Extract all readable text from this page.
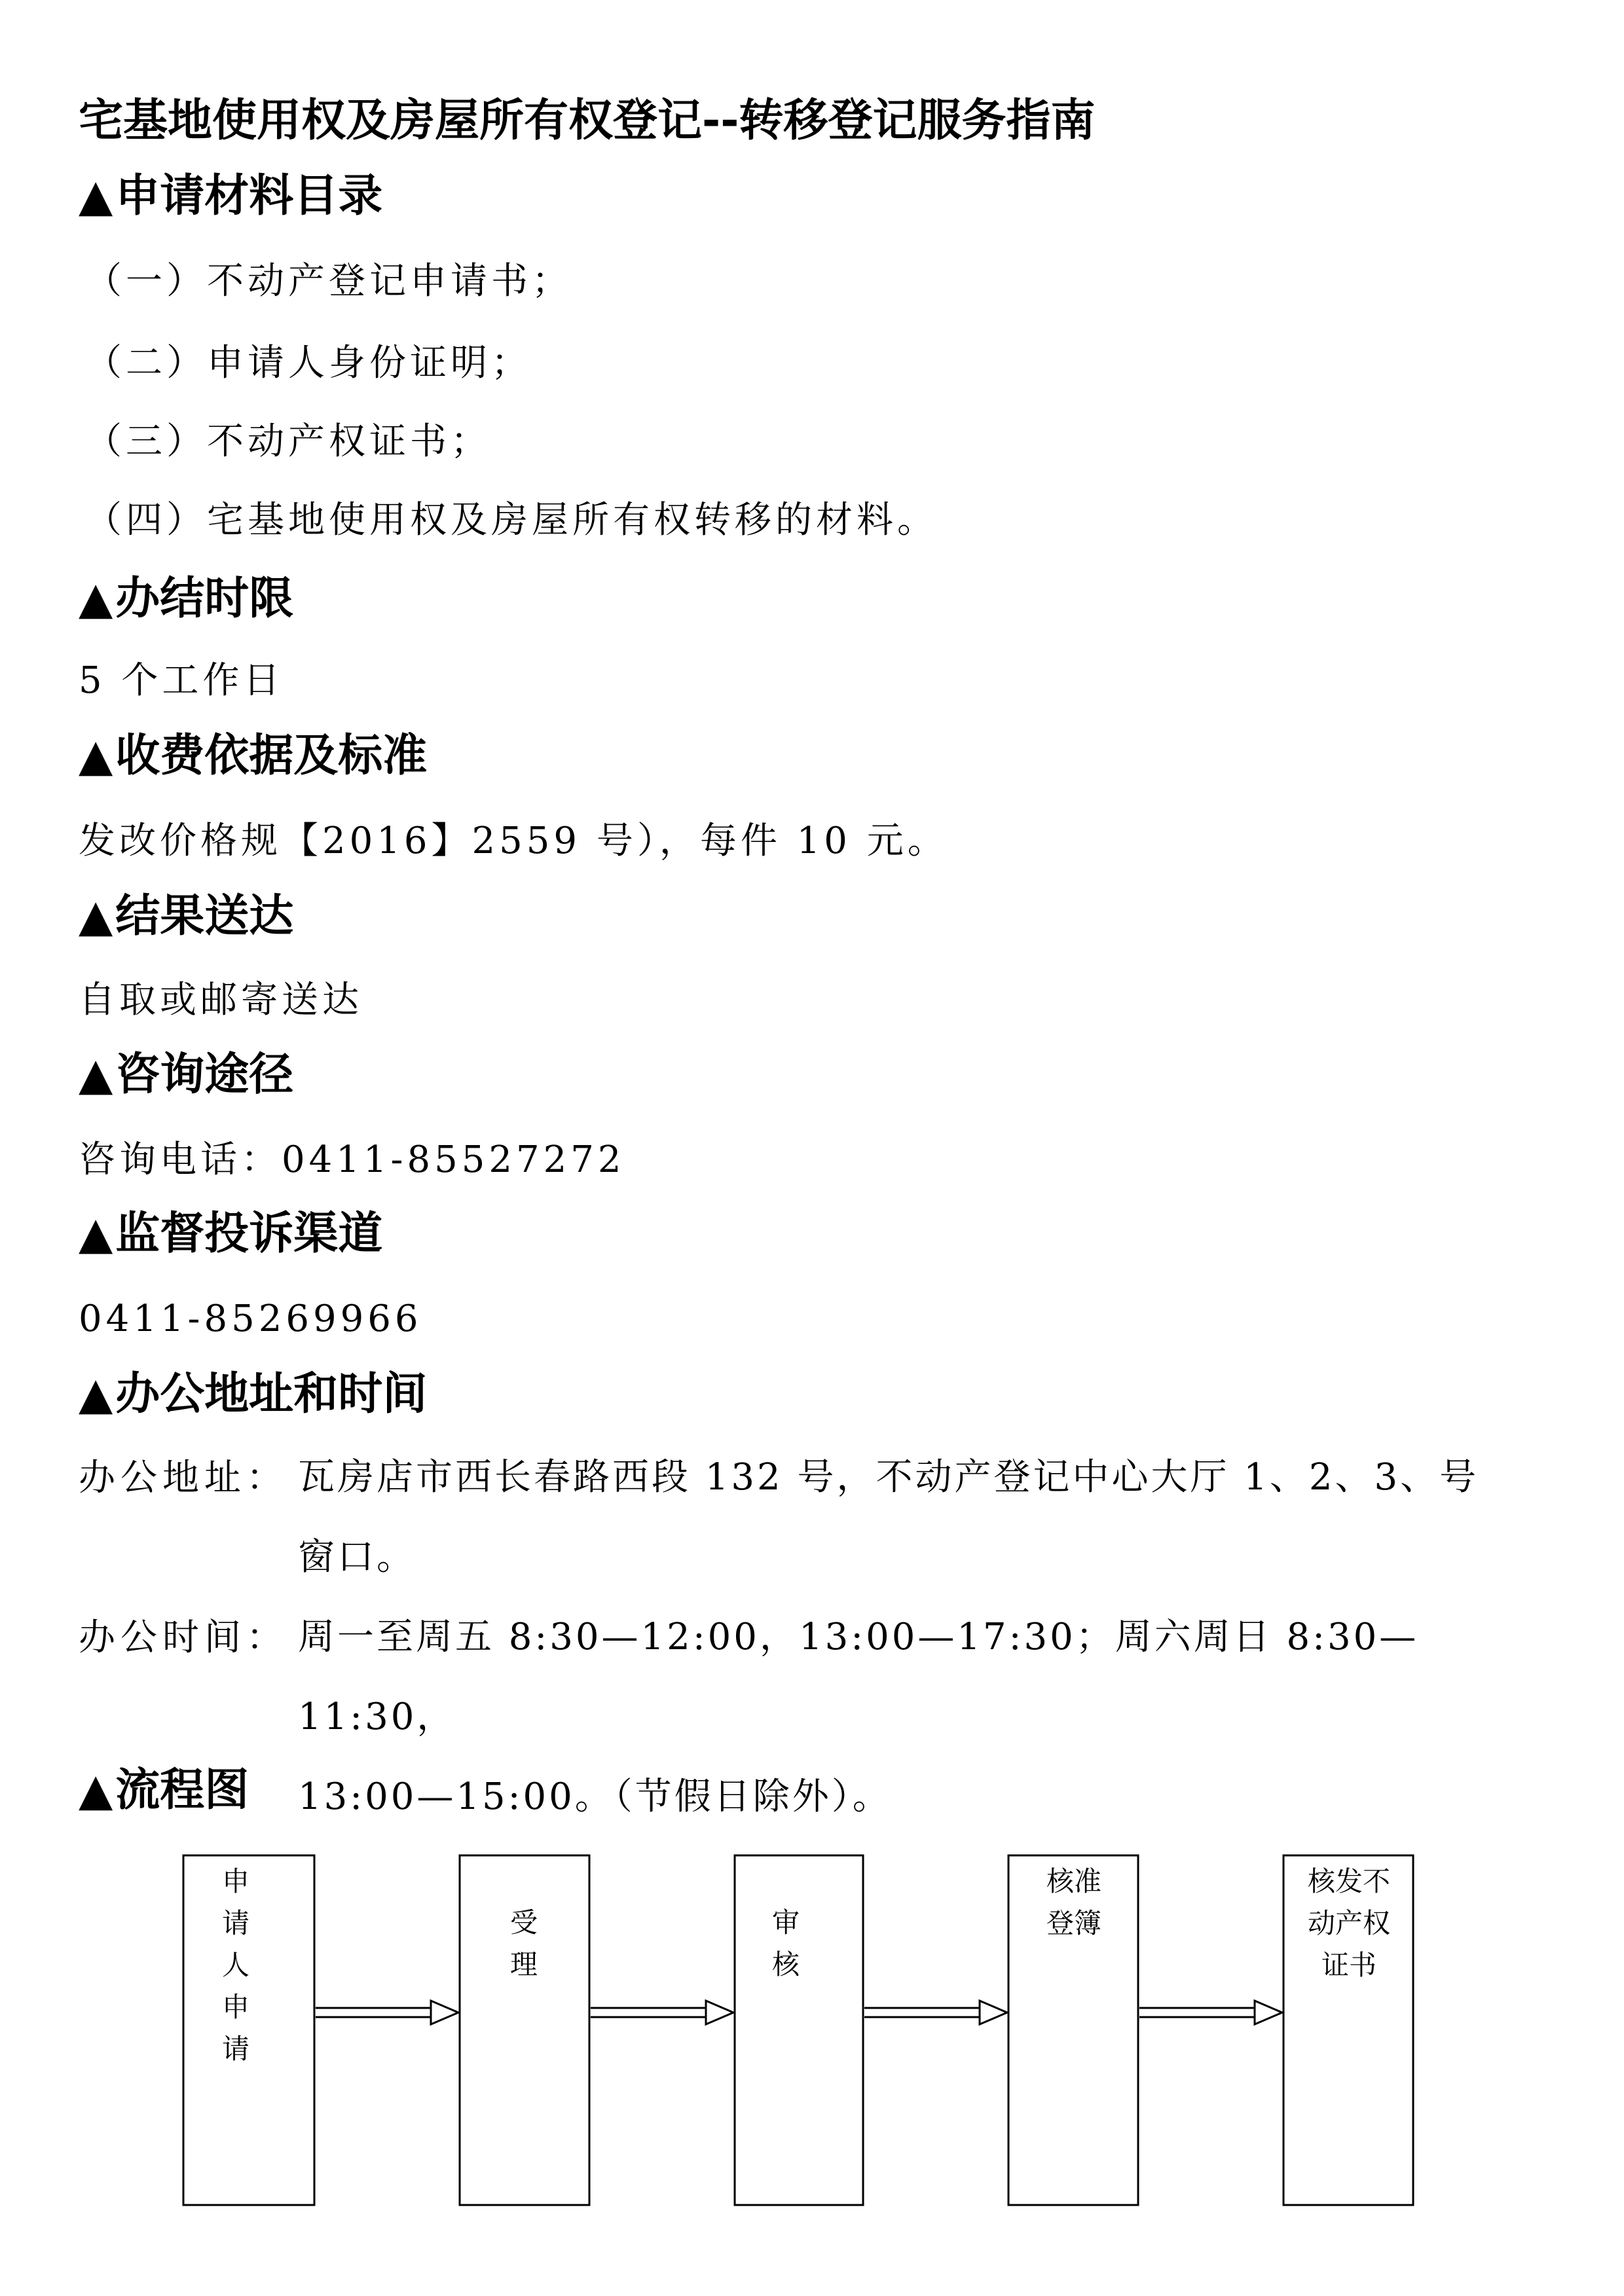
宅基地使用权及房屋所有权登记--转移登记服务指南
▲申请材料目录
（一）不动产登记申请书；
（二）申请人身份证明；
（三）不动产权证书；
（四）宅基地使用权及房屋所有权转移的材料。
▲办结时限
5 个工作日
▲收费依据及标准
发改价格规【2016】2559 号），每件 10 元。
▲结果送达
自取或邮寄送达
▲咨询途径
咨询电话：0411-85527272
▲监督投诉渠道
0411-85269966
▲办公地址和时间
办公地址： 瓦房店市西长春路西段 132 号，不动产登记中心大厅 1、2、3、号
窗口。
办公时间： 周一至周五 8:30—12:00，13:00—17:30；周六周日 8:30—11:30，
13:00—15:00。（节假日除外）。
▲流程图
申
请
人
申
请
受
理
审
核
核准
登簿
核发不
动产权
证书
